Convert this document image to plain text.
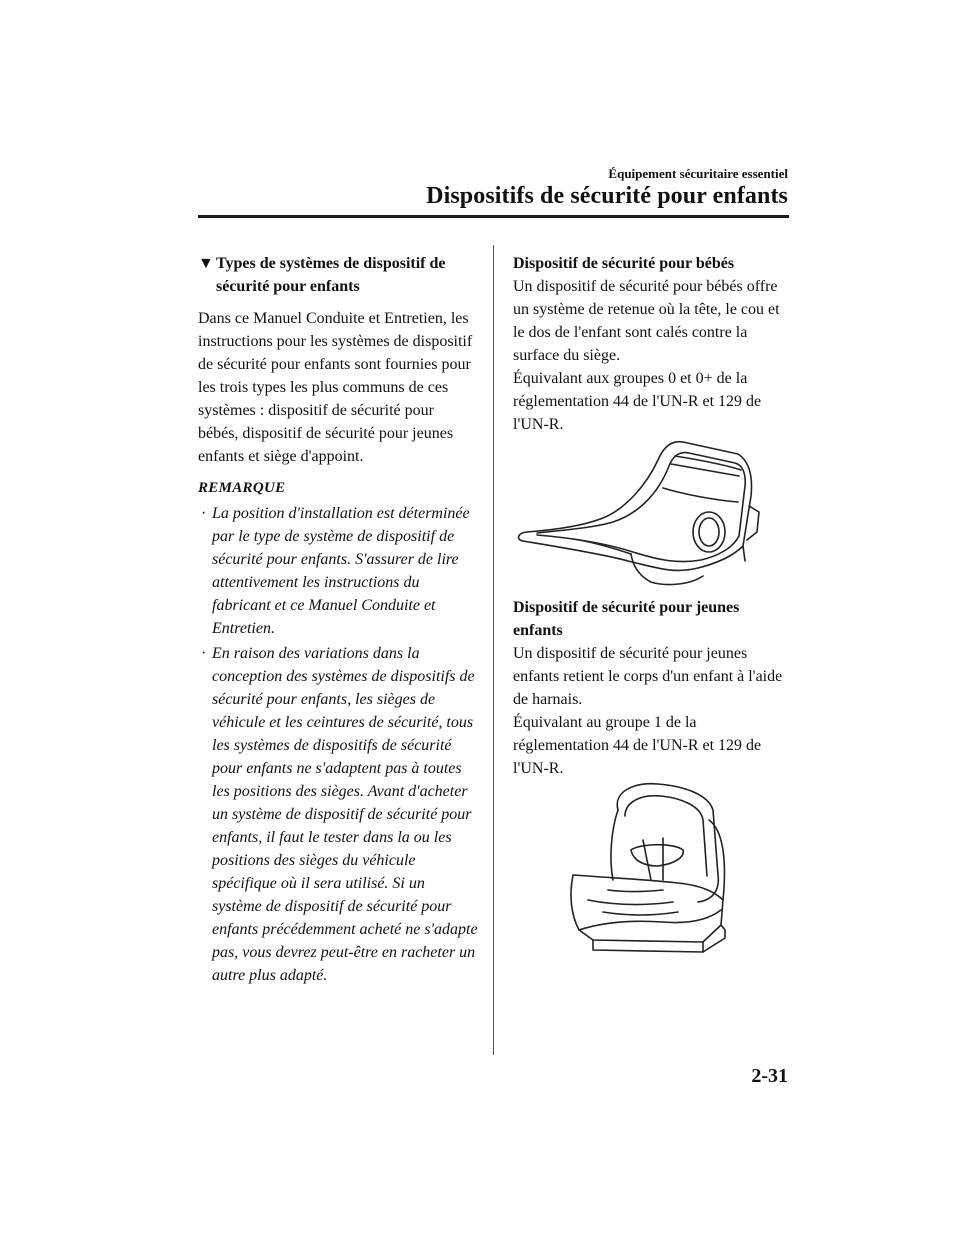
Équipement sécuritaire essentiel
Dispositifs de sécurité pour enfants
▼ Types de systèmes de dispositif de sécurité pour enfants

Dans ce Manuel Conduite et Entretien, les instructions pour les systèmes de dispositif de sécurité pour enfants sont fournies pour les trois types les plus communs de ces systèmes : dispositif de sécurité pour bébés, dispositif de sécurité pour jeunes enfants et siège d'appoint.

REMARQUE
· La position d'installation est déterminée par le type de système de dispositif de sécurité pour enfants. S'assurer de lire attentivement les instructions du fabricant et ce Manuel Conduite et Entretien.
· En raison des variations dans la conception des systèmes de dispositifs de sécurité pour enfants, les sièges de véhicule et les ceintures de sécurité, tous les systèmes de dispositifs de sécurité pour enfants ne s'adaptent pas à toutes les positions des sièges. Avant d'acheter un système de dispositif de sécurité pour enfants, il faut le tester dans la ou les positions des sièges du véhicule spécifique où il sera utilisé. Si un système de dispositif de sécurité pour enfants précédemment acheté ne s'adapte pas, vous devrez peut-être en racheter un autre plus adapté.

Dispositif de sécurité pour bébés

Un dispositif de sécurité pour bébés offre un système de retenue où la tête, le cou et le dos de l'enfant sont calés contre la surface du siège.

Équivalant aux groupes 0 et 0+ de la réglementation 44 de l'UN-R et 129 de l'UN-R.

Dispositif de sécurité pour jeunes enfants

Un dispositif de sécurité pour jeunes enfants retient le corps d'un enfant à l'aide de harnais.

Équivalant au groupe 1 de la réglementation 44 de l'UN-R et 129 de l'UN-R.

2-31
